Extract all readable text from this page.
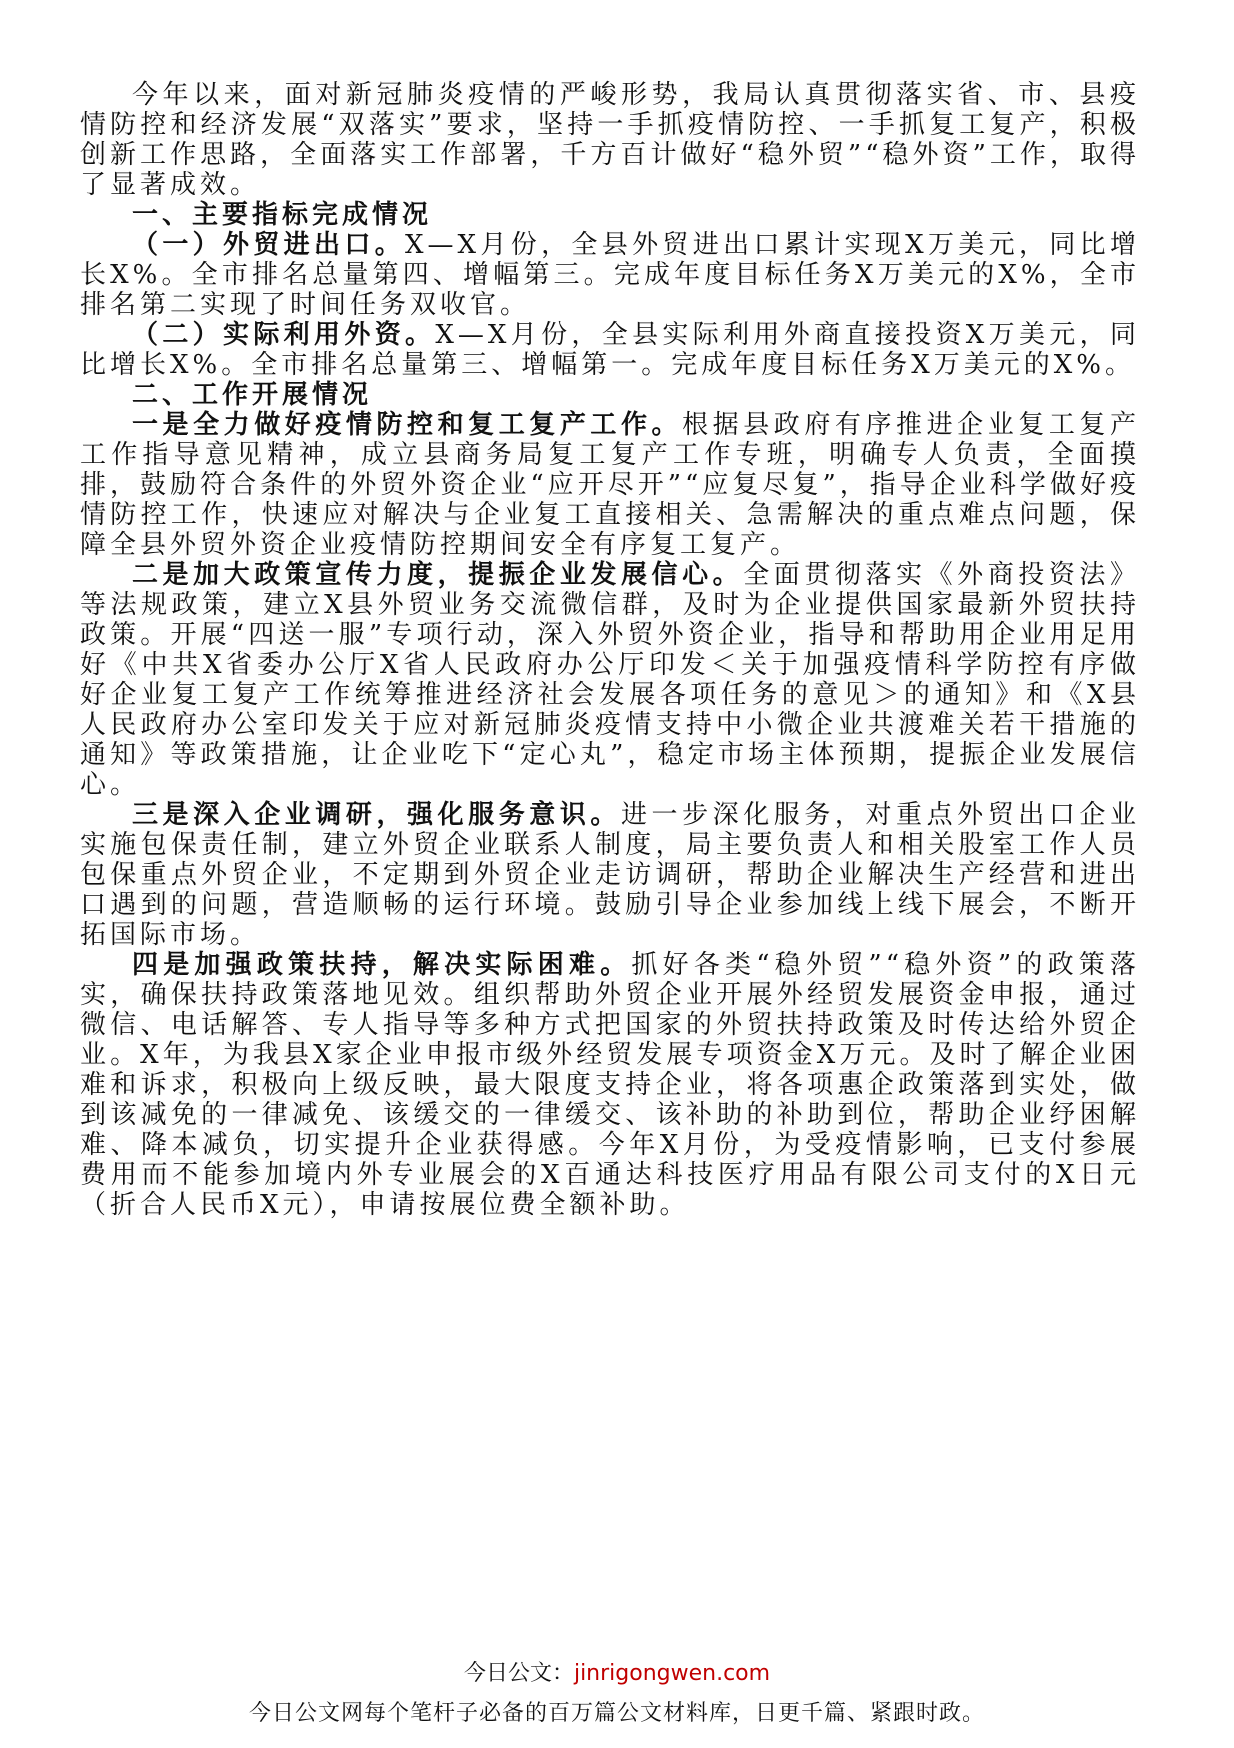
今年以来，面对新冠肺炎疫情的严峻形势，我局认真贯彻落实省、市、县疫情防控和经济发展“双落实”要求，坚持一手抓疫情防控、一手抓复工复产，积极创新工作思路，全面落实工作部署，千方百计做好“稳外贸”“稳外资”工作，取得了显著成效。

一、主要指标完成情况

（一）外贸进出口。X—X月份，全县外贸进出口累计实现X万美元，同比增长X%。全市排名总量第四、增幅第三。完成年度目标任务X万美元的X%，全市排名第二实现了时间任务双收官。

（二）实际利用外资。X—X月份，全县实际利用外商直接投资X万美元，同比增长X%。全市排名总量第三、增幅第一。完成年度目标任务X万美元的X%。

二、工作开展情况

一是全力做好疫情防控和复工复产工作。根据县政府有序推进企业复工复产工作指导意见精神，成立县商务局复工复产工作专班，明确专人负责，全面摸排，鼓励符合条件的外贸外资企业“应开尽开”“应复尽复”，指导企业科学做好疫情防控工作，快速应对解决与企业复工直接相关、急需解决的重点难点问题，保障全县外贸外资企业疫情防控期间安全有序复工复产。

二是加大政策宣传力度，提振企业发展信心。全面贯彻落实《外商投资法》等法规政策，建立X县外贸业务交流微信群，及时为企业提供国家最新外贸扶持政策。开展“四送一服”专项行动，深入外贸外资企业，指导和帮助用企业用足用好《中共X省委办公厅X省人民政府办公厅印发＜关于加强疫情科学防控有序做好企业复工复产工作统筹推进经济社会发展各项任务的意见＞的通知》和《X县人民政府办公室印发关于应对新冠肺炎疫情支持中小微企业共渡难关若干措施的通知》等政策措施，让企业吃下“定心丸”，稳定市场主体预期，提振企业发展信心。

三是深入企业调研，强化服务意识。进一步深化服务，对重点外贸出口企业实施包保责任制，建立外贸企业联系人制度，局主要负责人和相关股室工作人员包保重点外贸企业，不定期到外贸企业走访调研，帮助企业解决生产经营和进出口遇到的问题，营造顺畅的运行环境。鼓励引导企业参加线上线下展会，不断开拓国际市场。

四是加强政策扶持，解决实际困难。抓好各类“稳外贸”“稳外资”的政策落实，确保扶持政策落地见效。组织帮助外贸企业开展外经贸发展资金申报，通过微信、电话解答、专人指导等多种方式把国家的外贸扶持政策及时传达给外贸企业。X年，为我县X家企业申报市级外经贸发展专项资金X万元。及时了解企业困难和诉求，积极向上级反映，最大限度支持企业，将各项惠企政策落到实处，做到该减免的一律减免、该缓交的一律缓交、该补助的补助到位，帮助企业纾困解难、降本减负，切实提升企业获得感。今年X月份，为受疫情影响，已支付参展费用而不能参加境内外专业展会的X百通达科技医疗用品有限公司支付的X日元（折合人民币X元），申请按展位费全额补助。

今日公文：jinrigongwen.com
今日公文网每个笔杆子必备的百万篇公文材料库，日更千篇、紧跟时政。
